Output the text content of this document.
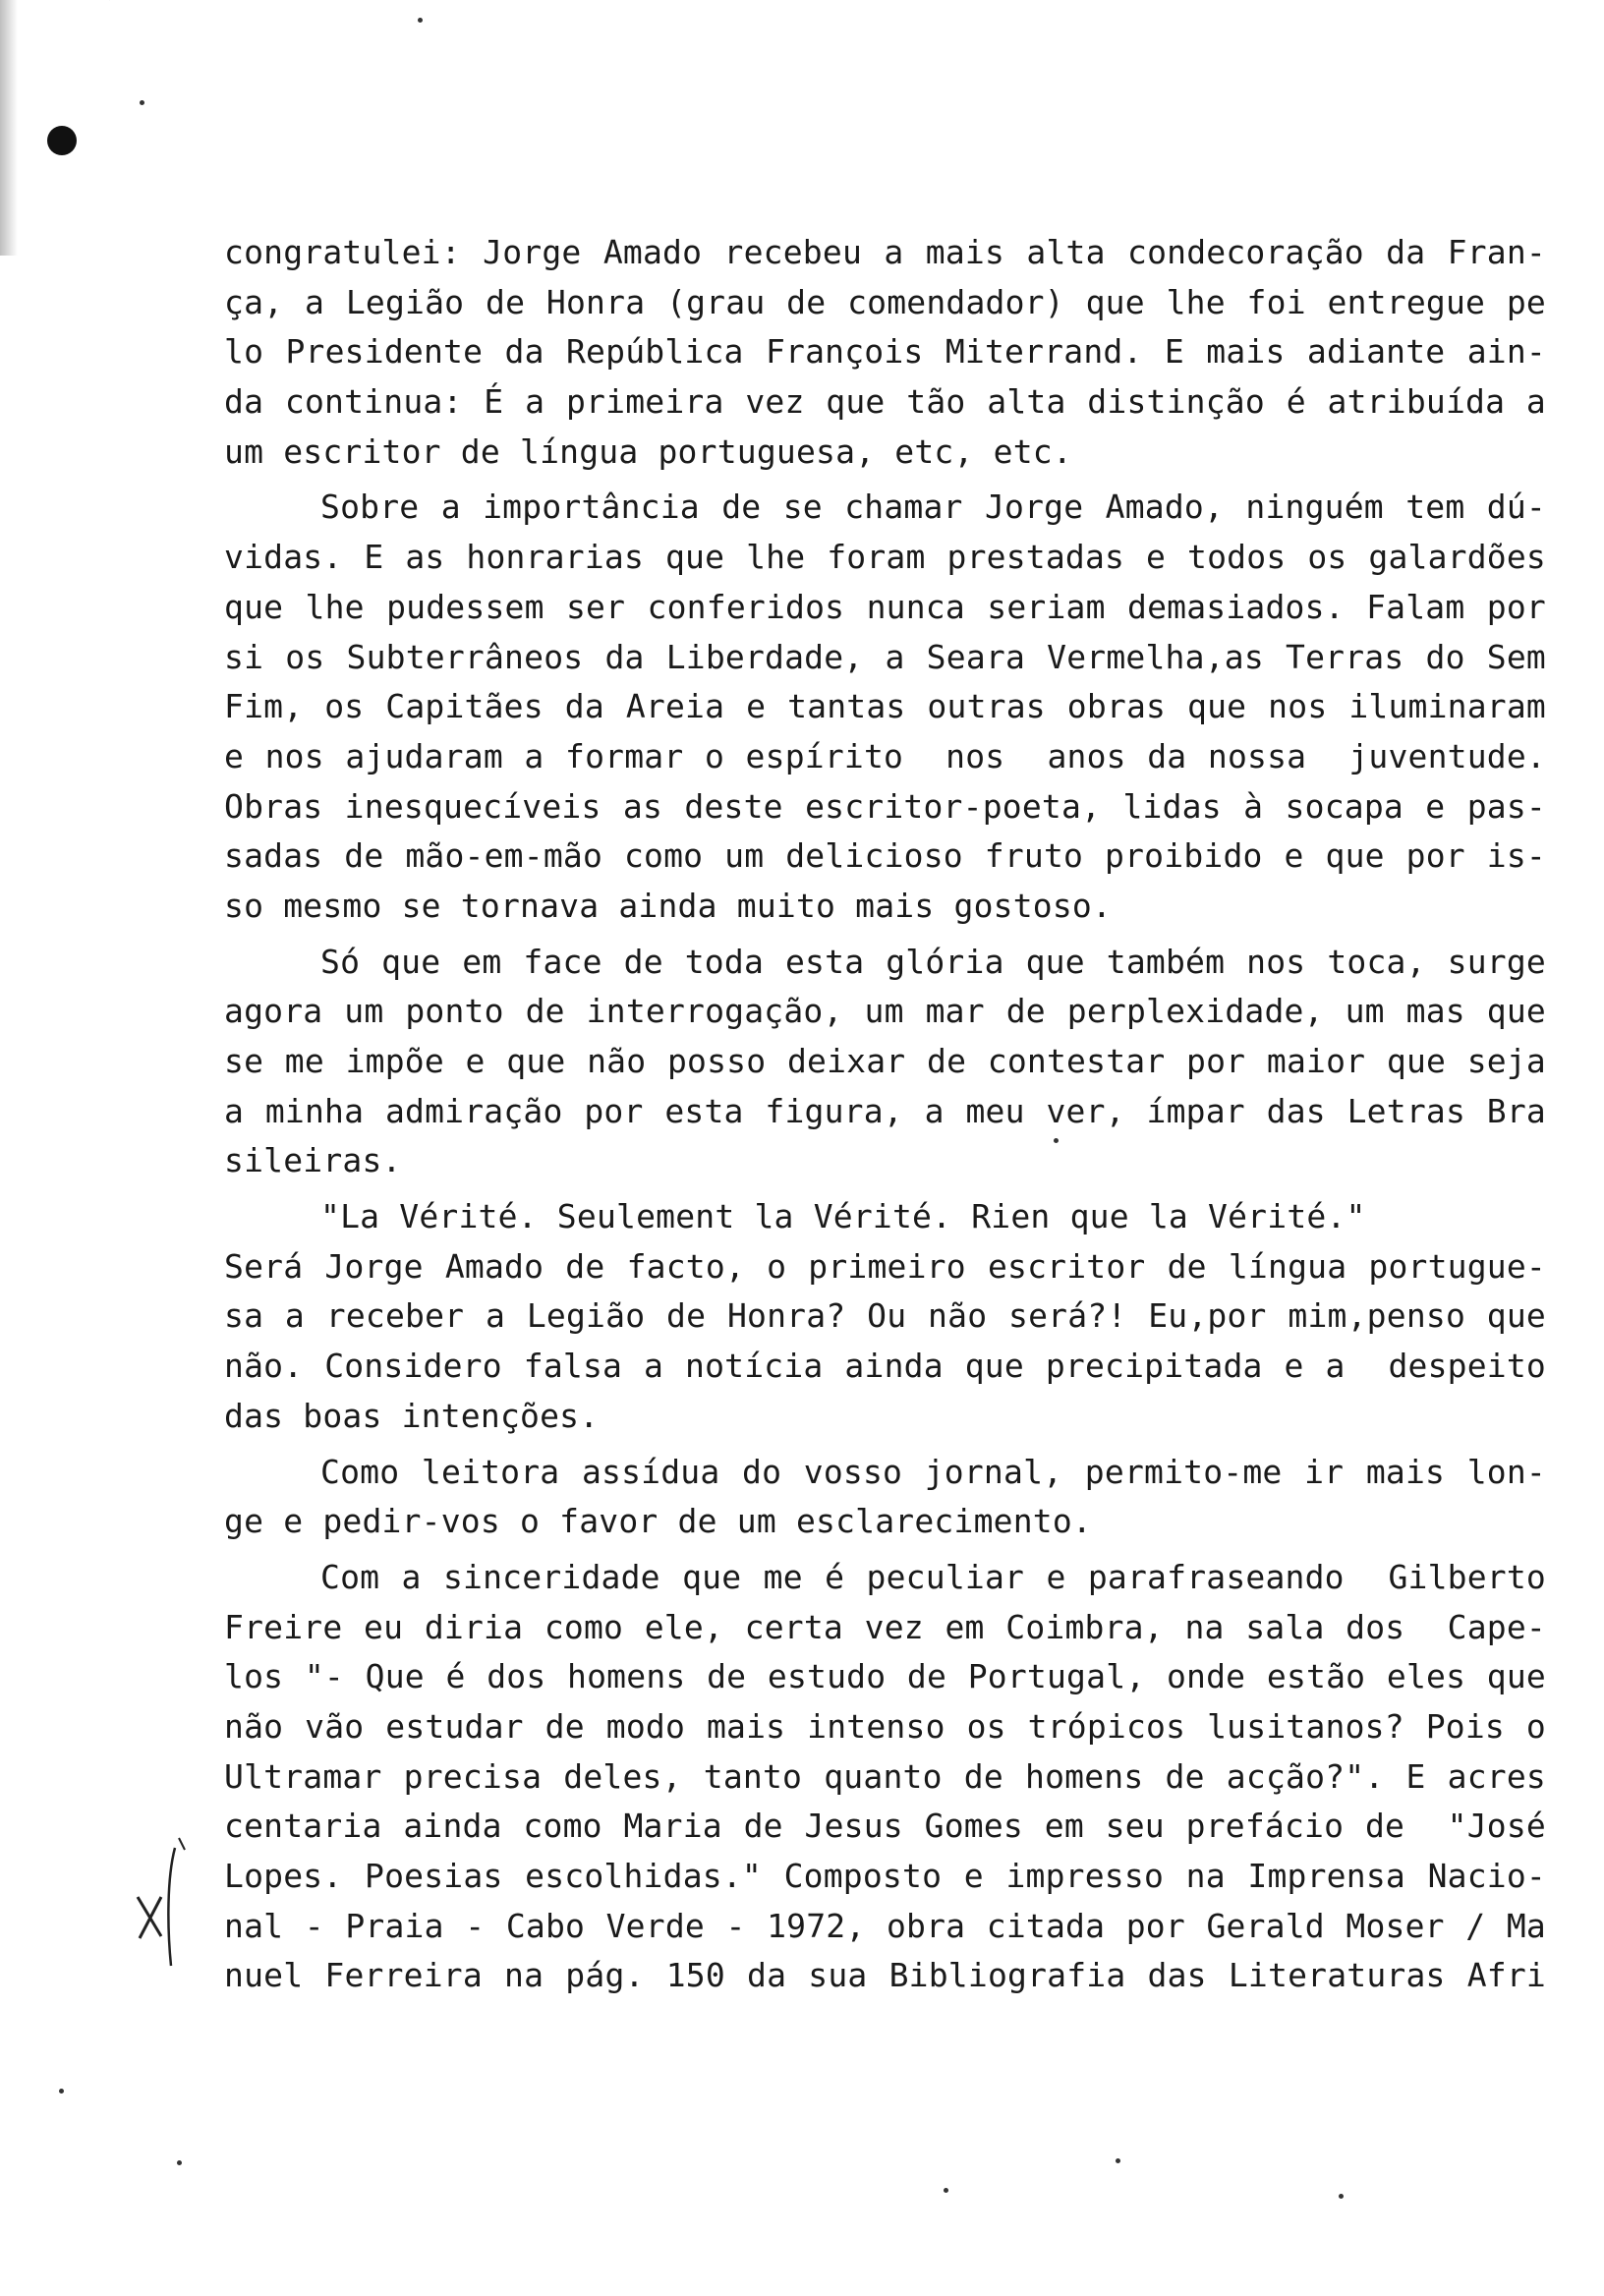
congratulei: Jorge Amado recebeu a mais alta condecoração da Fran-
ça, a Legião de Honra (grau de comendador) que lhe foi entregue pe
lo Presidente da República François Miterrand. E mais adiante ain-
da continua: É a primeira vez que tão alta distinção é atribuída a
um escritor de língua portuguesa, etc, etc.
Sobre a importância de se chamar Jorge Amado, ninguém tem dú-
vidas. E as honrarias que lhe foram prestadas e todos os galardões
que lhe pudessem ser conferidos nunca seriam demasiados. Falam por
si os Subterrâneos da Liberdade, a Seara Vermelha,as Terras do Sem
Fim, os Capitães da Areia e tantas outras obras que nos iluminaram
e nos ajudaram a formar o espírito  nos  anos da nossa  juventude.
Obras inesquecíveis as deste escritor-poeta, lidas à socapa e pas-
sadas de mão-em-mão como um delicioso fruto proibido e que por is-
so mesmo se tornava ainda muito mais gostoso.
Só que em face de toda esta glória que também nos toca, surge
agora um ponto de interrogação, um mar de perplexidade, um mas que
se me impõe e que não posso deixar de contestar por maior que seja
a minha admiração por esta figura, a meu ver, ímpar das Letras Bra
sileiras.
"La Vérité. Seulement la Vérité. Rien que la Vérité."
Será Jorge Amado de facto, o primeiro escritor de língua portugue-
sa a receber a Legião de Honra? Ou não será?! Eu,por mim,penso que
não. Considero falsa a notícia ainda que precipitada e a  despeito
das boas intenções.
Como leitora assídua do vosso jornal, permito-me ir mais lon-
ge e pedir-vos o favor de um esclarecimento.
Com a sinceridade que me é peculiar e parafraseando  Gilberto
Freire eu diria como ele, certa vez em Coimbra, na sala dos  Cape-
los "- Que é dos homens de estudo de Portugal, onde estão eles que
não vão estudar de modo mais intenso os trópicos lusitanos? Pois o
Ultramar precisa deles, tanto quanto de homens de acção?". E acres
centaria ainda como Maria de Jesus Gomes em seu prefácio de  "José
Lopes. Poesias escolhidas." Composto e impresso na Imprensa Nacio-
nal - Praia - Cabo Verde - 1972, obra citada por Gerald Moser / Ma
nuel Ferreira na pág. 150 da sua Bibliografia das Literaturas Afri
